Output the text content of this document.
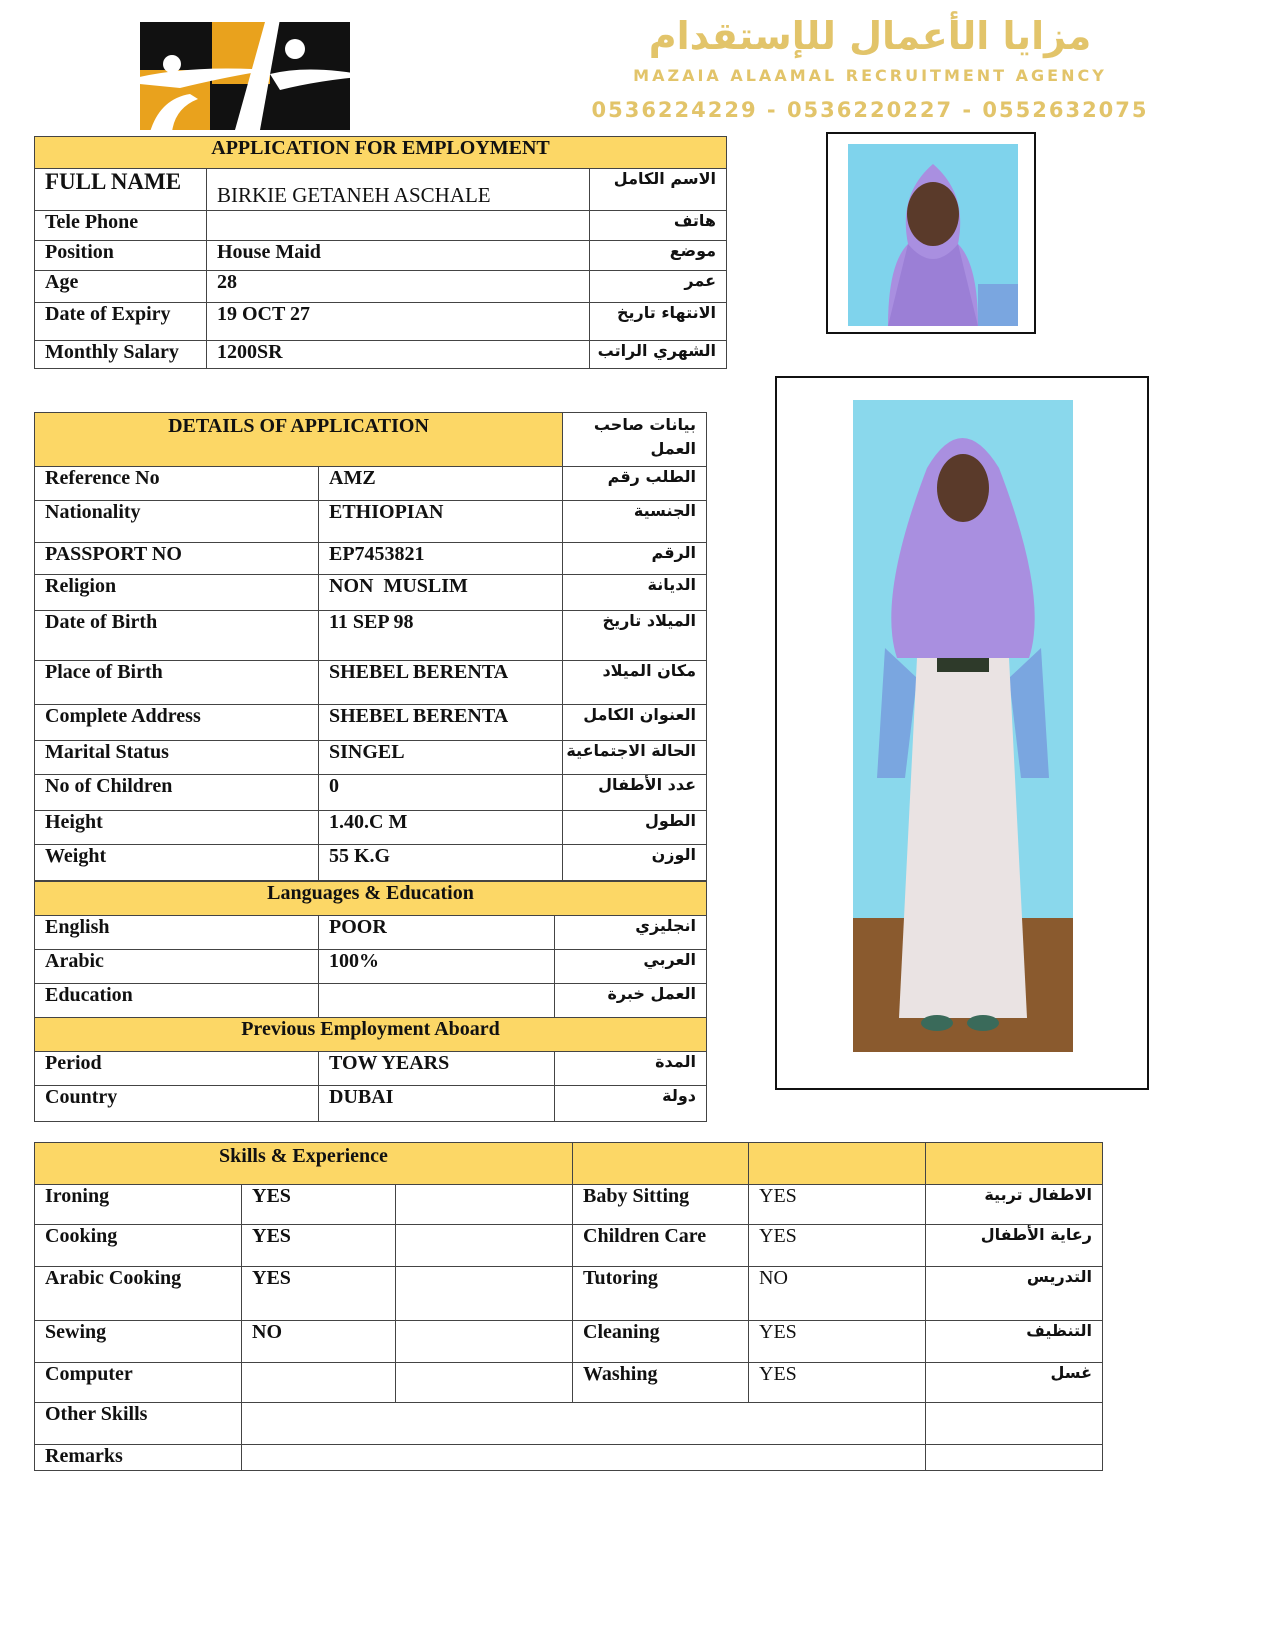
مزايا الأعمال للإستقدام
MAZAIA ALAAMAL RECRUITMENT AGENCY
0536224229 - 0536220227 - 0552632075
APPLICATION FOR EMPLOYMENT		
FULL NAME	BIRKIE GETANEH ASCHALE	الاسم الكامل
Tele Phone		هاتف
Position	House Maid	موضع
Age	28	عمر
Date of Expiry	19 OCT 27	الانتهاء تاريخ
Monthly Salary	1200SR	الشهري الراتب
DETAILS OF APPLICATION		بيانات صاحب العمل
Reference No	AMZ	الطلب رقم
Nationality	ETHIOPIAN	الجنسية
PASSPORT NO	EP7453821	الرقم
Religion	NON  MUSLIM	الديانة
Date of Birth	11 SEP 98	الميلاد تاريخ
Place of Birth	SHEBEL BERENTA	مكان الميلاد
Complete Address	SHEBEL BERENTA	العنوان الكامل
Marital Status	SINGEL	الحالة الاجتماعية
No of Children	0	عدد الأطفال
Height	1.40.C M	الطول
Weight	55 K.G	الوزن
Languages & Education		
English	POOR	انجليزي
Arabic	100%	العربي
Education		العمل خبرة
Previous Employment Aboard		
Period	TOW YEARS	المدة
Country	DUBAI	دولة
Skills & Experience					
Ironing	YES		Baby Sitting	YES	الاطفال تربية
Cooking	YES		Children Care	YES	رعاية الأطفال
Arabic Cooking	YES		Tutoring	NO	التدريس
Sewing	NO		Cleaning	YES	التنظيف
Computer			Washing	YES	غسل
Other Skills					
Remarks					
